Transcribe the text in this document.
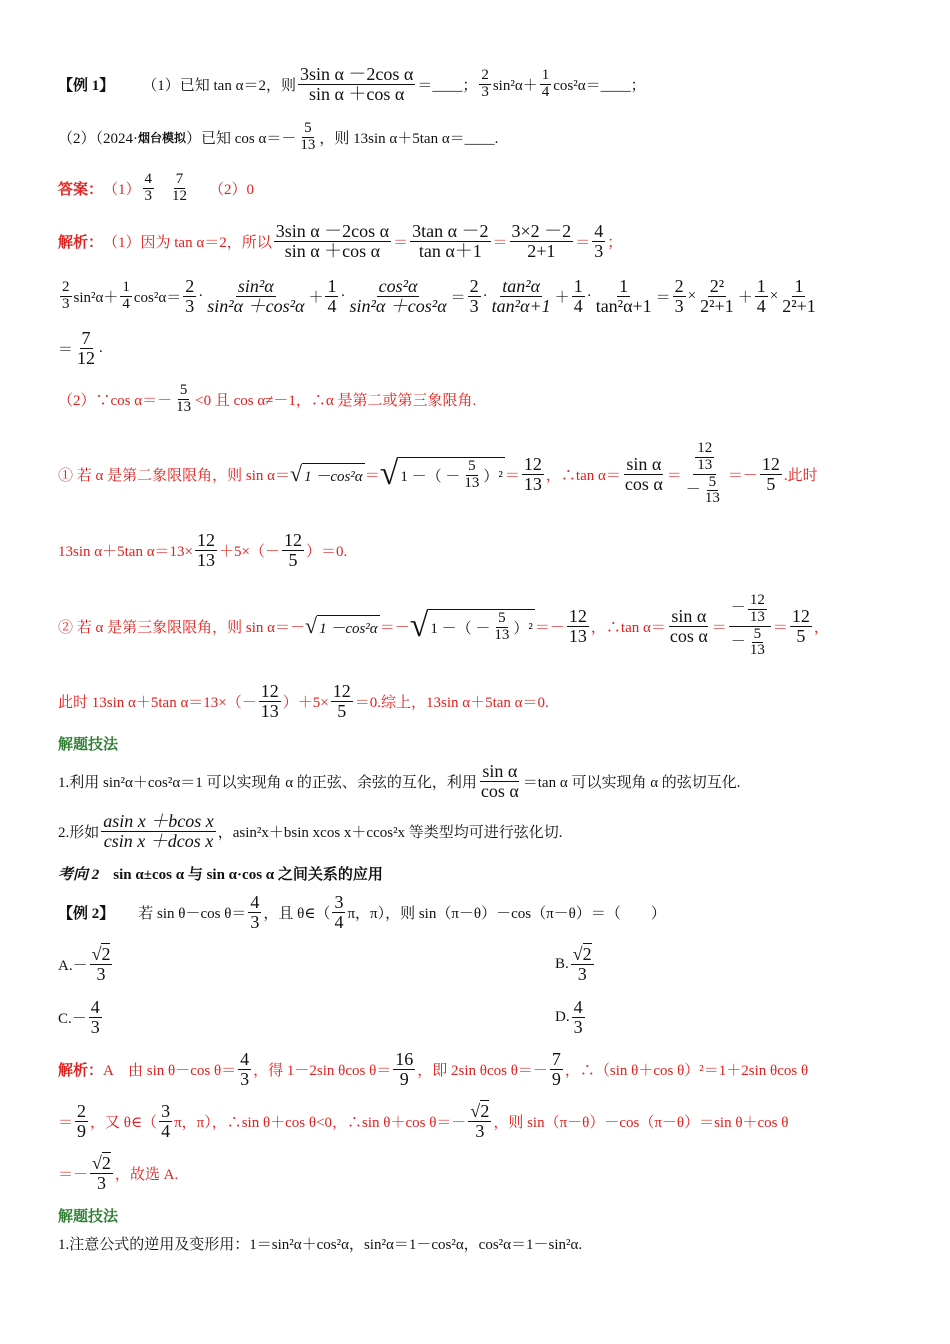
【例 1】 （1）已知 tan α＝2，则
3sin α －2cos α
sin α ＋cos α ＝____；
2
3 sin²α＋
1
4 cos²α＝____；
（2）（2024· 烟台模拟 ）已知 cos α＝－
5
13 ，则 13sin α＋5tan α＝____.
答案： （1）
4
3
7
12 （2）0
解析： （1）因为 tan α＝2，所以
3sin α －2cos α
sin α ＋cos α ＝
3tan α －2
tan α＋1 ＝
3×2 －2
2+1 ＝
4
3 ；
2
3 sin²α＋
1
4 cos²α＝
2
3 · sin²α
sin²α ＋cos²α ＋
1
4 · cos²α
sin²α ＋cos²α ＝
2
3 · tan²α
tan²α+1 ＋
1
4 · 1
tan²α+1 ＝
2
3 × 2²
2²+1 ＋
1
4 × 1
2²+1
＝
7
12 .
（2）∵cos α＝－
5
13 <0 且 cos α≠－1，∴α 是第二或第三象限角.
① 若 α 是第二象限限角，则 sin α＝ √ 1 －cos²α ＝ √ 1 －（ －
5
13 ）² ＝
12
13 ，∴tan α＝
sin α
cos α ＝
12
13
－
5
13
＝－
12
5 .此时
13sin α＋5tan $\alpha=13\times \frac{12}{13} +5\times(-$
12
5 ）＝0.
② 若 α 是第三象限限角，则 sin α＝－ √ 1 －cos²α ＝－ √ 1 －（ －
5
13 ）² ＝－
12
13 ，∴tan α＝
sin α
cos α ＝
－
12
13
－
5
13
＝
12
5 ，
此时 13sin α＋5tan α＝13×（－
12
13 ）$+5\times \frac{12}{5} =0$.综上，13sin α＋5tan α＝0.
解题技法
1.利用 sin²α＋cos²α＝1 可以实现角 α 的正弦、余弦的互化，利用
sin α
cos α ＝tan α 可以实现角 α 的弦切互化.
2.形如
asin x ＋bcos x
csin x ＋dcos x ，asin²x＋bsin xcos x＋ccos²x 等类型均可进行弦化切.
考向 2 sin α±cos α 与 sin α·cos α 之间关系的应用
【例 2】 若 sin θ－cos θ＝
4
3 ，且 θ∈（
3
4 π，π），则 sin（π－θ）－cos（π－θ）＝（　　）
A.－
√2
3	B. √2
3
C.－
4
3	D. 4
3
解析： A　由 sin θ－cos θ＝
4
3 ，得 1－2sin θcos θ＝
16
9 ，即 2sin θcos θ＝－
7
9 ，∴（sin θ＋cos θ）²＝1＋2sin θcos θ
＝
2
9 ，又 θ∈（
3
4 π，π），∴sin θ＋cos θ<0，∴sin θ＋cos θ＝－
√2
3 ，则 sin（π－θ）－cos（π－θ）＝sin θ＋cos θ
＝－
√2
3 ，故选 A.
解题技法
1.注意公式的逆用及变形用：1＝sin²α＋cos²α，sin²α＝1－cos²α，cos²α＝1－sin²α.
